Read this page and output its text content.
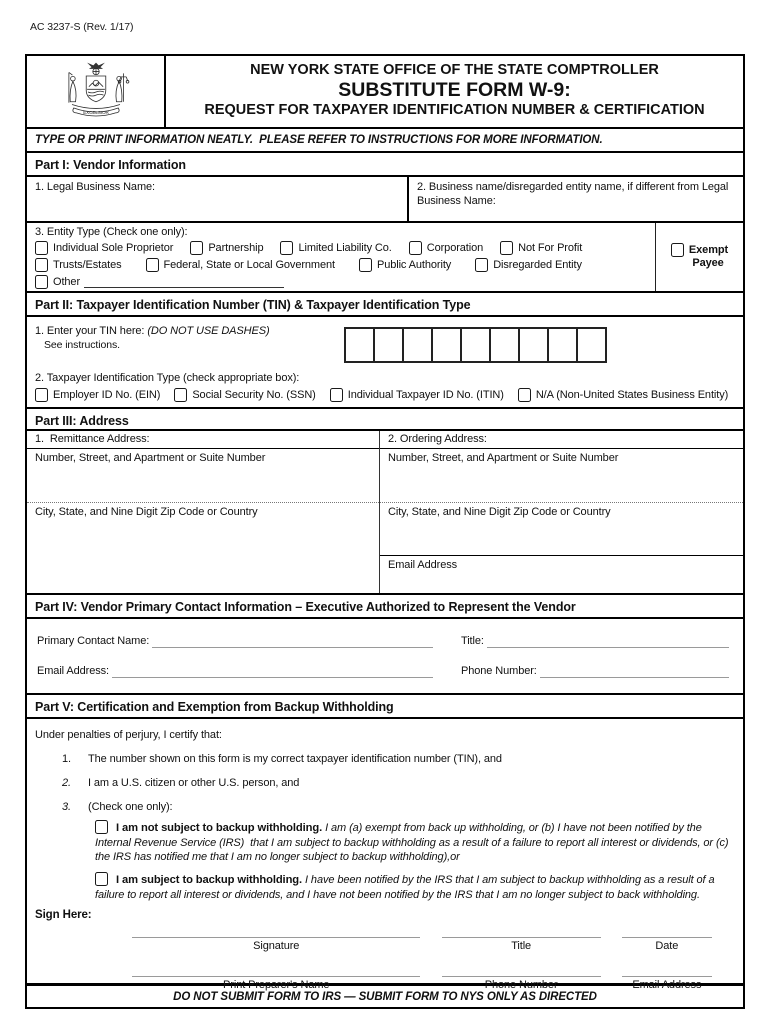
AC 3237-S (Rev. 1/17)
EXCELSIOR
NEW YORK STATE OFFICE OF THE STATE COMPTROLLER
SUBSTITUTE FORM W-9:
REQUEST FOR TAXPAYER IDENTIFICATION NUMBER & CERTIFICATION
TYPE OR PRINT INFORMATION NEATLY.  PLEASE REFER TO INSTRUCTIONS FOR MORE INFORMATION.
Part I: Vendor Information
1. Legal Business Name:	2. Business name/disregarded entity name, if different from Legal Business Name:
3. Entity Type (Check one only):
Individual Sole Proprietor	Partnership	Limited Liability Co.	Corporation	Not For Profit
Trusts/Estates	Federal, State or Local Government	Public Authority	Disregarded Entity
Other
Exempt
Payee
Part II: Taxpayer Identification Number (TIN) & Taxpayer Identification Type
1. Enter your TIN here: (DO NOT USE DASHES)
See instructions.
2. Taxpayer Identification Type (check appropriate box):
Employer ID No. (EIN)	Social Security No. (SSN)	Individual Taxpayer ID No. (ITIN)	N/A (Non-United States Business Entity)
Part III: Address
1.  Remittance Address:
Number, Street, and Apartment or Suite Number
City, State, and Nine Digit Zip Code or Country
2. Ordering Address:
Number, Street, and Apartment or Suite Number
City, State, and Nine Digit Zip Code or Country
Email Address
Part IV: Vendor Primary Contact Information – Executive Authorized to Represent the Vendor
Primary Contact Name:	Title:
Email Address:	Phone Number:
Part V: Certification and Exemption from Backup Withholding
Under penalties of perjury, I certify that:
1.	The number shown on this form is my correct taxpayer identification number (TIN), and
2.	I am a U.S. citizen or other U.S. person, and
3.	(Check one only):
I am not subject to backup withholding. I am (a) exempt from back up withholding, or (b) I have not been notified by the Internal Revenue Service (IRS)  that I am subject to backup withholding as a result of a failure to report all interest or dividends, or (c) the IRS has notified me that I am no longer subject to backup withholding),or
I am subject to backup withholding. I have been notified by the IRS that I am subject to backup withholding as a result of a failure to report all interest or dividends, and I have not been notified by the IRS that I am no longer subject to back withholding.
Sign Here:
Signature	Title	Date
Print Preparer's Name	Phone Number	Email Address
DO NOT SUBMIT FORM TO IRS — SUBMIT FORM TO NYS ONLY AS DIRECTED
